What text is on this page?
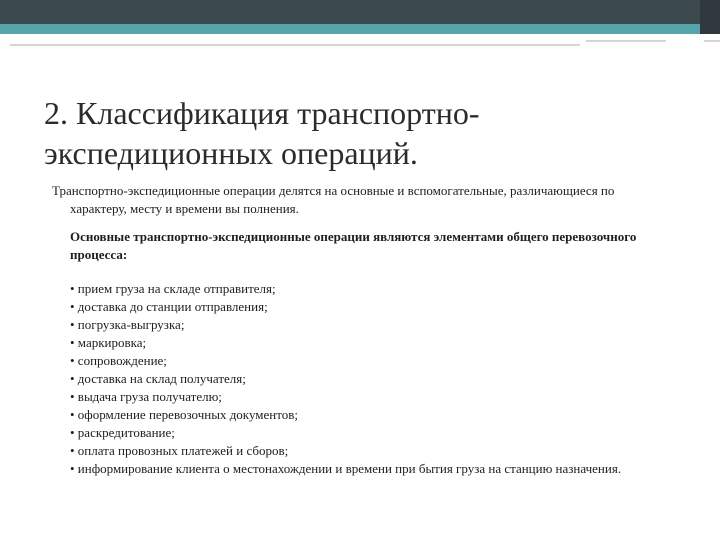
2. Классификация транспортно-экспедиционных операций.

Транспортно-экспедиционные операции делятся на основные и вспомогательные, различающиеся по характеру, месту и времени вы полнения.

Основные транспортно-экспедиционные операции являются элементами общего перевозочного процесса:

• прием груза на складе отправителя;
• доставка до станции отправления;
• погрузка-выгрузка;
• маркировка;
• сопровождение;
• доставка на склад получателя;
• выдача груза получателю;
• оформление перевозочных документов;
• раскредитование;
• оплата провозных платежей и сборов;
• информирование клиента о местонахождении и времени при бытия груза на станцию назначения.
